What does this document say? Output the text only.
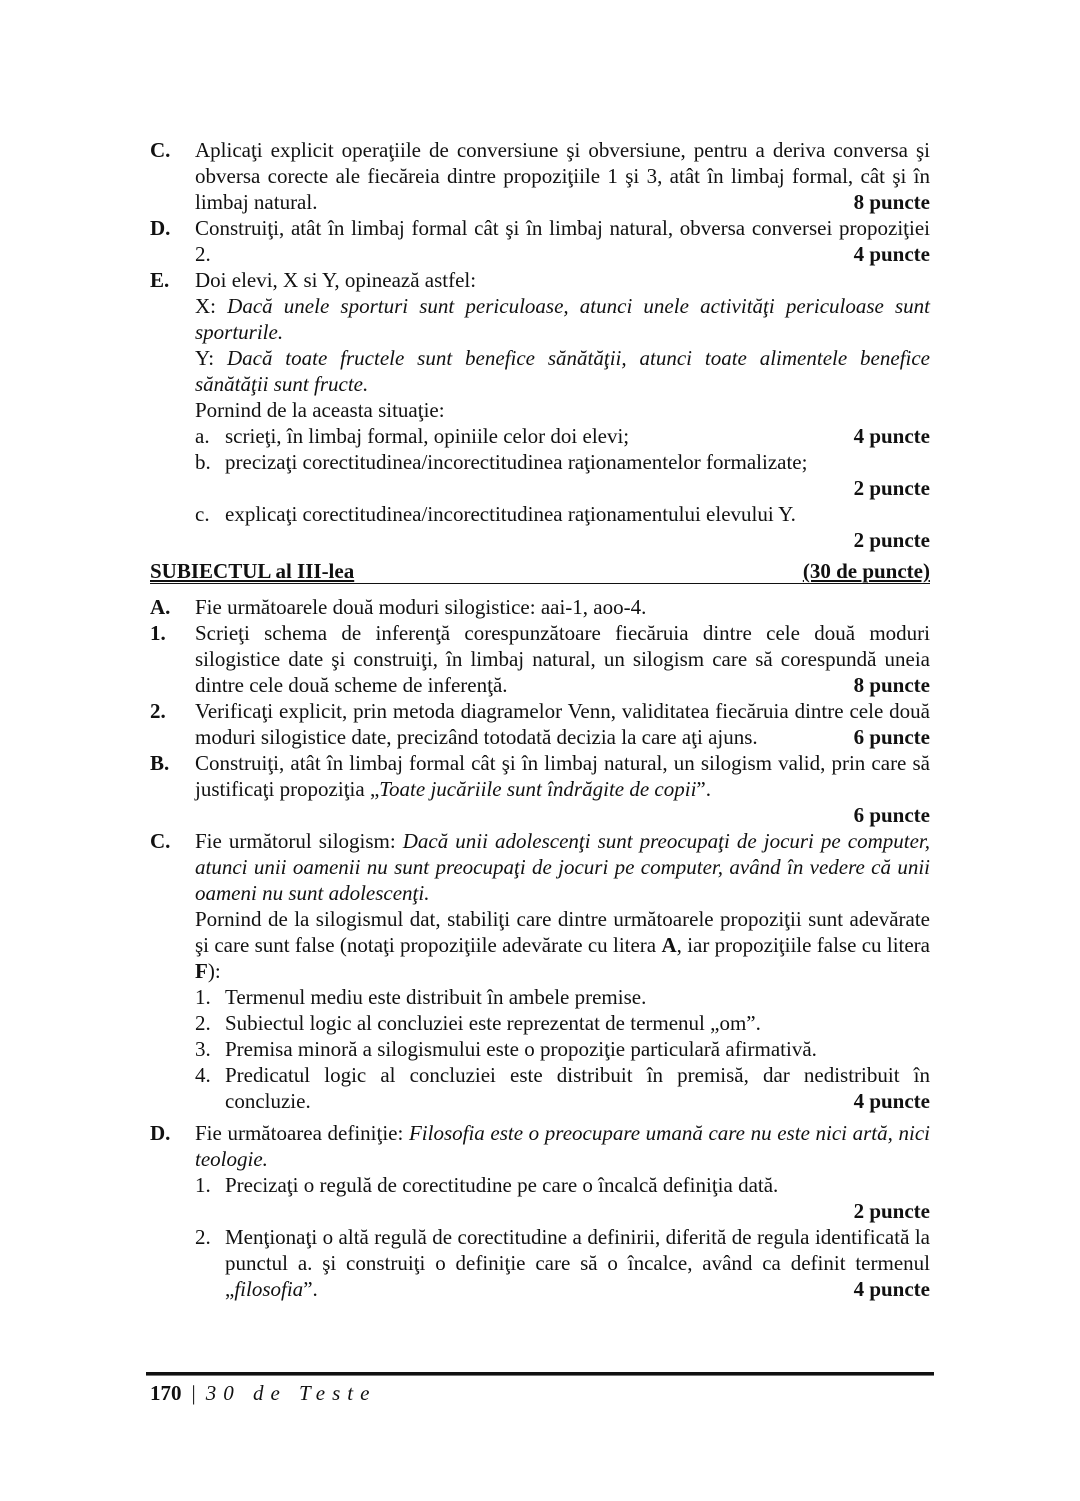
C. Aplicaţi explicit operaţiile de conversiune şi obversiune, pentru a deriva conversa şi obversa corecte ale fiecăreia dintre propoziţiile 1 şi 3, atât în limbaj formal, cât şi în limbaj natural.	8 puncte
D. Construiţi, atât în limbaj formal cât şi în limbaj natural, obversa conversei propoziţiei 2.	4 puncte
E. Doi elevi, X si Y, opinează astfel:
X: Dacă unele sporturi sunt periculoase, atunci unele activităţi periculoase sunt sporturile.
Y: Dacă toate fructele sunt benefice sănătăţii, atunci toate alimentele benefice sănătăţii sunt fructe.
Pornind de la aceasta situaţie:
a. scrieţi, în limbaj formal, opiniile celor doi elevi;	4 puncte
b. precizaţi corectitudinea/incorectitudinea raţionamentelor formalizate;
2 puncte
c. explicaţi corectitudinea/incorectitudinea raţionamentului elevului Y.
2 puncte
SUBIECTUL al III-lea	(30 de puncte)
A. Fie următoarele două moduri silogistice: aai-1, aoo-4.
1. Scrieţi schema de inferenţă corespunzătoare fiecăruia dintre cele două moduri silogistice date şi construiţi, în limbaj natural, un silogism care să corespundă uneia dintre cele două scheme de inferenţă.	8 puncte
2. Verificaţi explicit, prin metoda diagramelor Venn, validitatea fiecăruia dintre cele două moduri silogistice date, precizând totodată decizia la care aţi ajuns.	6 puncte
B. Construiţi, atât în limbaj formal cât şi în limbaj natural, un silogism valid, prin care să justificaţi propoziţia „Toate jucăriile sunt îndrăgite de copii”.
6 puncte
C. Fie următorul silogism: Dacă unii adolescenţi sunt preocupaţi de jocuri pe computer, atunci unii oamenii nu sunt preocupaţi de jocuri pe computer, având în vedere că unii oameni nu sunt adolescenţi.
Pornind de la silogismul dat, stabiliţi care dintre următoarele propoziţii sunt adevărate şi care sunt false (notaţi propoziţiile adevărate cu litera A, iar propoziţiile false cu litera F):
1. Termenul mediu este distribuit în ambele premise.
2. Subiectul logic al concluziei este reprezentat de termenul „om”.
3. Premisa minoră a silogismului este o propoziţie particulară afirmativă.
4. Predicatul logic al concluziei este distribuit în premisă, dar nedistribuit în concluzie.	4 puncte
D. Fie următoarea definiţie: Filosofia este o preocupare umană care nu este nici artă, nici teologie.
1. Precizaţi o regulă de corectitudine pe care o încalcă definiţia dată.
2 puncte
2. Menţionaţi o altă regulă de corectitudine a definirii, diferită de regula identificată la punctul a. şi construiţi o definiţie care să o încalce, având ca definit termenul „filosofia”.	4 puncte
170 | 30 de Teste
